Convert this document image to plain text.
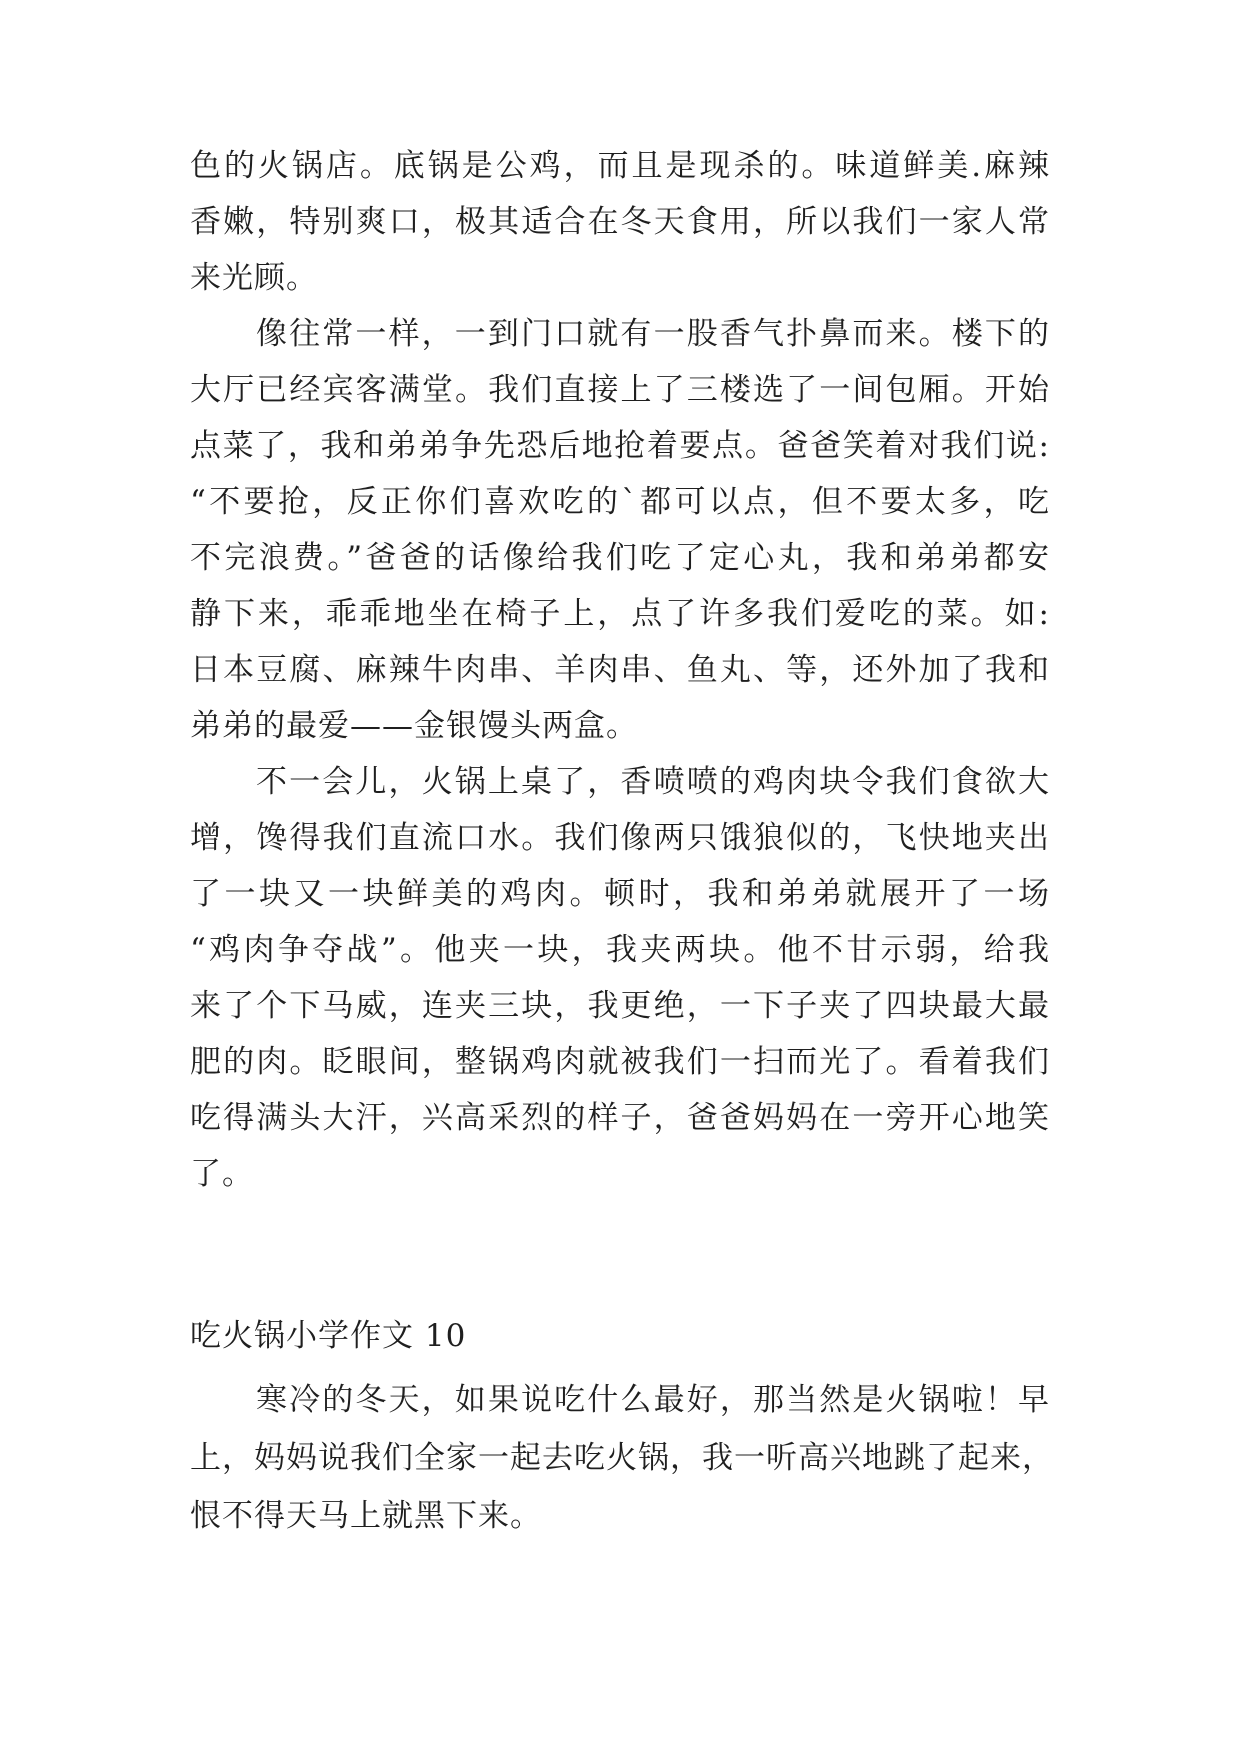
色的火锅店。底锅是公鸡，而且是现杀的。味道鲜美.麻辣
香嫩，特别爽口，极其适合在冬天食用，所以我们一家人常
来光顾。
像往常一样，一到门口就有一股香气扑鼻而来。楼下的
大厅已经宾客满堂。我们直接上了三楼选了一间包厢。开始
点菜了，我和弟弟争先恐后地抢着要点。爸爸笑着对我们说:
“不要抢，反正你们喜欢吃的`都可以点，但不要太多，吃
不完浪费。”爸爸的话像给我们吃了定心丸，我和弟弟都安
静下来，乖乖地坐在椅子上，点了许多我们爱吃的菜。如:
日本豆腐、麻辣牛肉串、羊肉串、鱼丸、等，还外加了我和
弟弟的最爱——金银馒头两盒。
不一会儿，火锅上桌了，香喷喷的鸡肉块令我们食欲大
增，馋得我们直流口水。我们像两只饿狼似的，飞快地夹出
了一块又一块鲜美的鸡肉。顿时，我和弟弟就展开了一场
“鸡肉争夺战”。他夹一块，我夹两块。他不甘示弱，给我
来了个下马威，连夹三块，我更绝，一下子夹了四块最大最
肥的肉。眨眼间，整锅鸡肉就被我们一扫而光了。看着我们
吃得满头大汗，兴高采烈的样子，爸爸妈妈在一旁开心地笑
了。
吃火锅小学作文 10
寒冷的冬天，如果说吃什么最好，那当然是火锅啦！早
上，妈妈说我们全家一起去吃火锅，我一听高兴地跳了起来，
恨不得天马上就黑下来。
